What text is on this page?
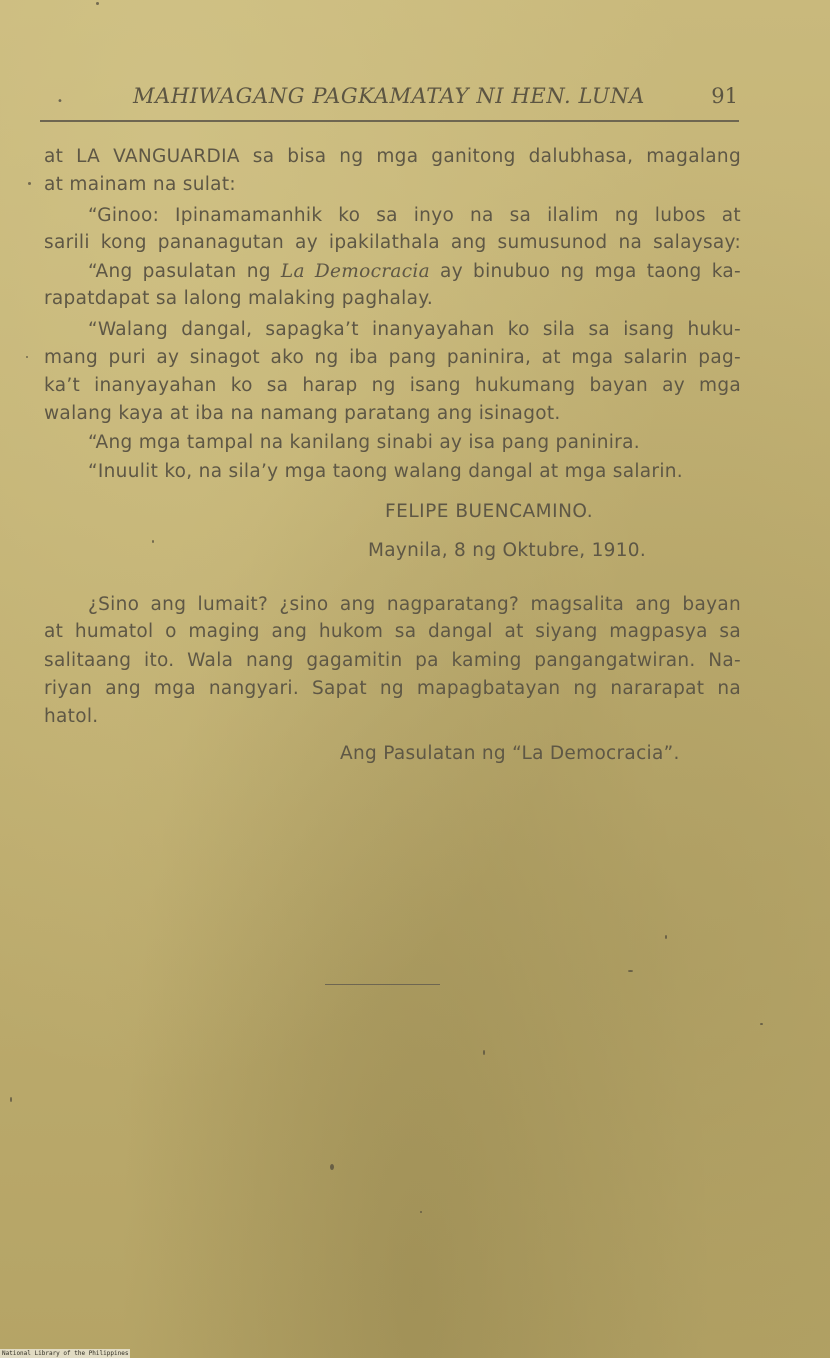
•	MAHIWAGANG PAGKAMATAY NI HEN. LUNA	91
at LA VANGUARDIA sa bisa ng mga ganitong dalubhasa, magalang
at mainam na sulat:
“Ginoo: Ipinamamanhik ko sa inyo na sa ilalim ng lubos at
sarili kong pananagutan ay ipakilathala ang sumusunod na salaysay:
“Ang pasulatan ng La Democracia ay binubuo ng mga taong ka-
rapatdapat sa lalong malaking paghalay.
“Walang dangal, sapagka’t inanyayahan ko sila sa isang huku-
mang puri ay sinagot ako ng iba pang paninira, at mga salarin pag-
ka’t inanyayahan ko sa harap ng isang hukumang bayan ay mga
walang kaya at iba na namang paratang ang isinagot.
“Ang mga tampal na kanilang sinabi ay isa pang paninira.
“Inuulit ko, na sila’y mga taong walang dangal at mga salarin.
FELIPE BUENCAMINO.
Maynila, 8 ng Oktubre, 1910.
¿Sino ang lumait? ¿sino ang nagparatang? magsalita ang bayan
at humatol o maging ang hukom sa dangal at siyang magpasya sa
salitaang ito. Wala nang gagamitin pa kaming pangangatwiran. Na-
riyan ang mga nangyari. Sapat ng mapagbatayan ng nararapat na
hatol.
Ang Pasulatan ng “La Democracia”.
National Library of the Philippines
